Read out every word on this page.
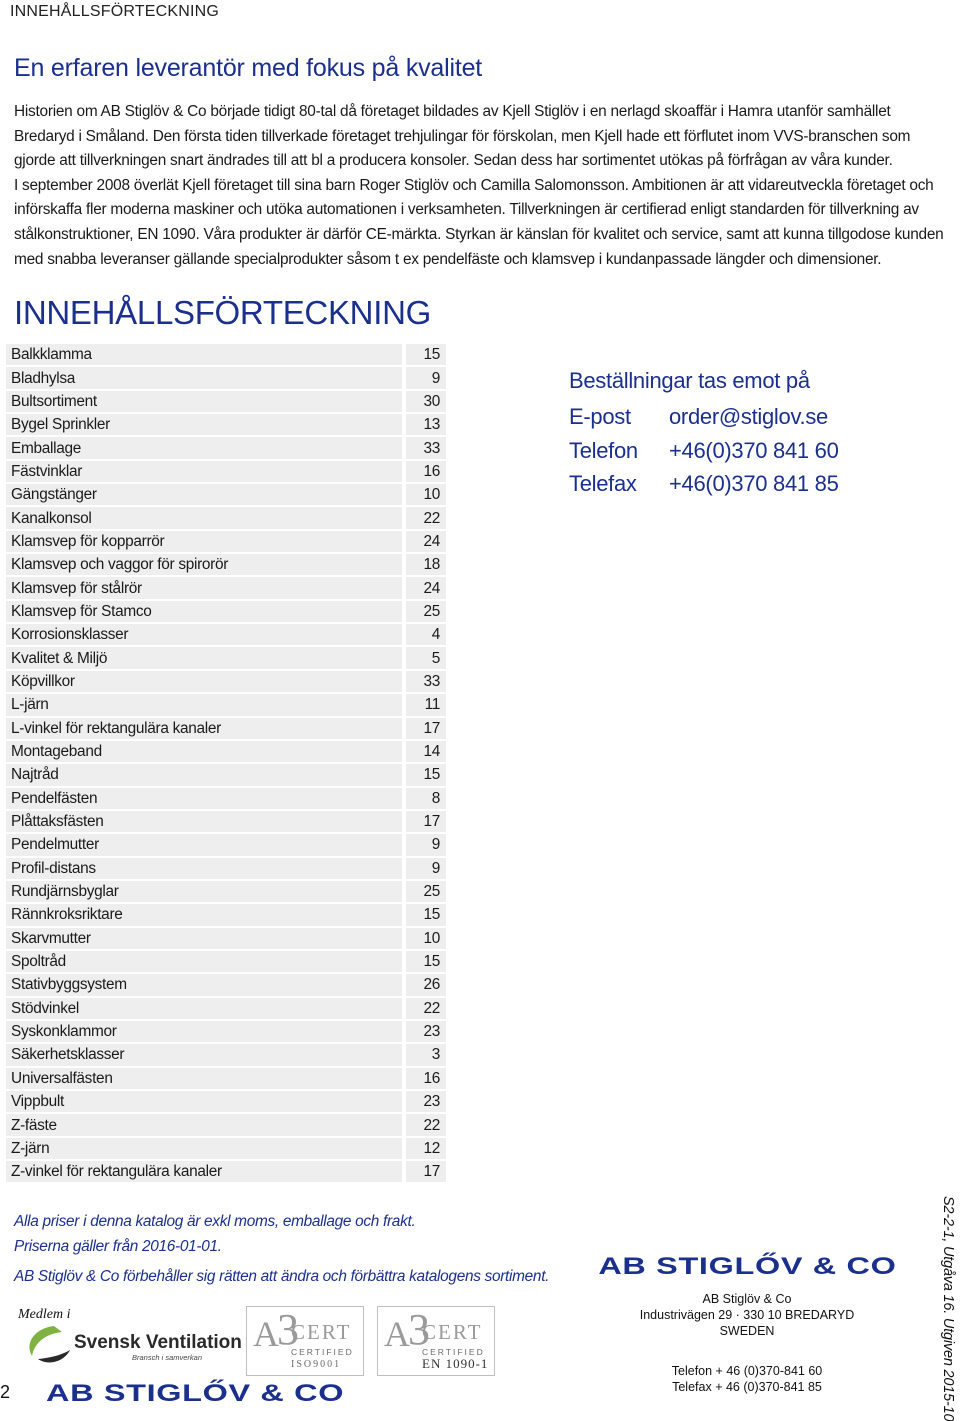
INNEHÅLLSFÖRTECKNING
En erfaren leverantör med fokus på kvalitet

Historien om AB Stiglöv & Co började tidigt 80-tal då företaget bildades av Kjell Stiglöv i en nerlagd skoaffär i Hamra utanför samhället Bredaryd i Småland. Den första tiden tillverkade företaget trehjulingar för förskolan, men Kjell hade ett förflutet inom VVS-branschen som gjorde att tillverkningen snart ändrades till att bl a producera konsoler. Sedan dess har sortimentet utökas på förfrågan av våra kunder.

I september 2008 överlät Kjell företaget till sina barn Roger Stiglöv och Camilla Salomonsson. Ambitionen är att vidareutveckla företaget och införskaffa fler moderna maskiner och utöka automationen i verksamheten. Tillverkningen är certifierad enligt standarden för tillverkning av stålkonstruktioner, EN 1090. Våra produkter är därför CE-märkta. Styrkan är känslan för kvalitet och service, samt att kunna tillgodose kunden med snabba leveranser gällande specialprodukter såsom t ex pendelfäste och klamsvep i kundanpassade längder och dimensioner.

INNEHÅLLSFÖRTECKNING
Balkklamma		15
Bladhylsa		9
Bultsortiment		30
Bygel Sprinkler		13
Emballage		33
Fästvinklar		16
Gängstänger		10
Kanalkonsol		22
Klamsvep för kopparrör		24
Klamsvep och vaggor för spirorör		18
Klamsvep för stålrör		24
Klamsvep för Stamco		25
Korrosionsklasser		4
Kvalitet & Miljö		5
Köpvillkor		33
L-järn		11
L-vinkel för rektangulära kanaler		17
Montageband		14
Najtråd		15
Pendelfästen		8
Plåttaksfästen		17
Pendelmutter		9
Profil-distans		9
Rundjärnsbyglar		25
Rännkroksriktare		15
Skarvmutter		10
Spoltråd		15
Stativbyggsystem		26
Stödvinkel		22
Syskonklammor		23
Säkerhetsklasser		3
Universalfästen		16
Vippbult		23
Z-fäste		22
Z-järn		12
Z-vinkel för rektangulära kanaler		17
Beställningar tas emot på
E-post	order@stiglov.se
Telefon	+46(0)370 841 60
Telefax	+46(0)370 841 85
Alla priser i denna katalog är exkl moms, emballage och frakt.
Priserna gäller från 2016-01-01.
AB Stiglöv & Co förbehåller sig rätten att ändra och förbättra katalogens sortiment.
Medlem i
Svensk Ventilation
Bransch i samverkan
A3
CERT
CERTIFIED
ISO9001
A3
CERT
CERTIFIED
EN 1090-1
2 AB STIGLŐV & CO
AB STIGLŐV & CO
AB Stiglöv & Co
Industrivägen 29 · 330 10 BREDARYD
SWEDEN
Telefon + 46 (0)370-841 60
Telefax + 46 (0)370-841 85	S2-2-1, Utgåva 16. Utgiven 2015-10
